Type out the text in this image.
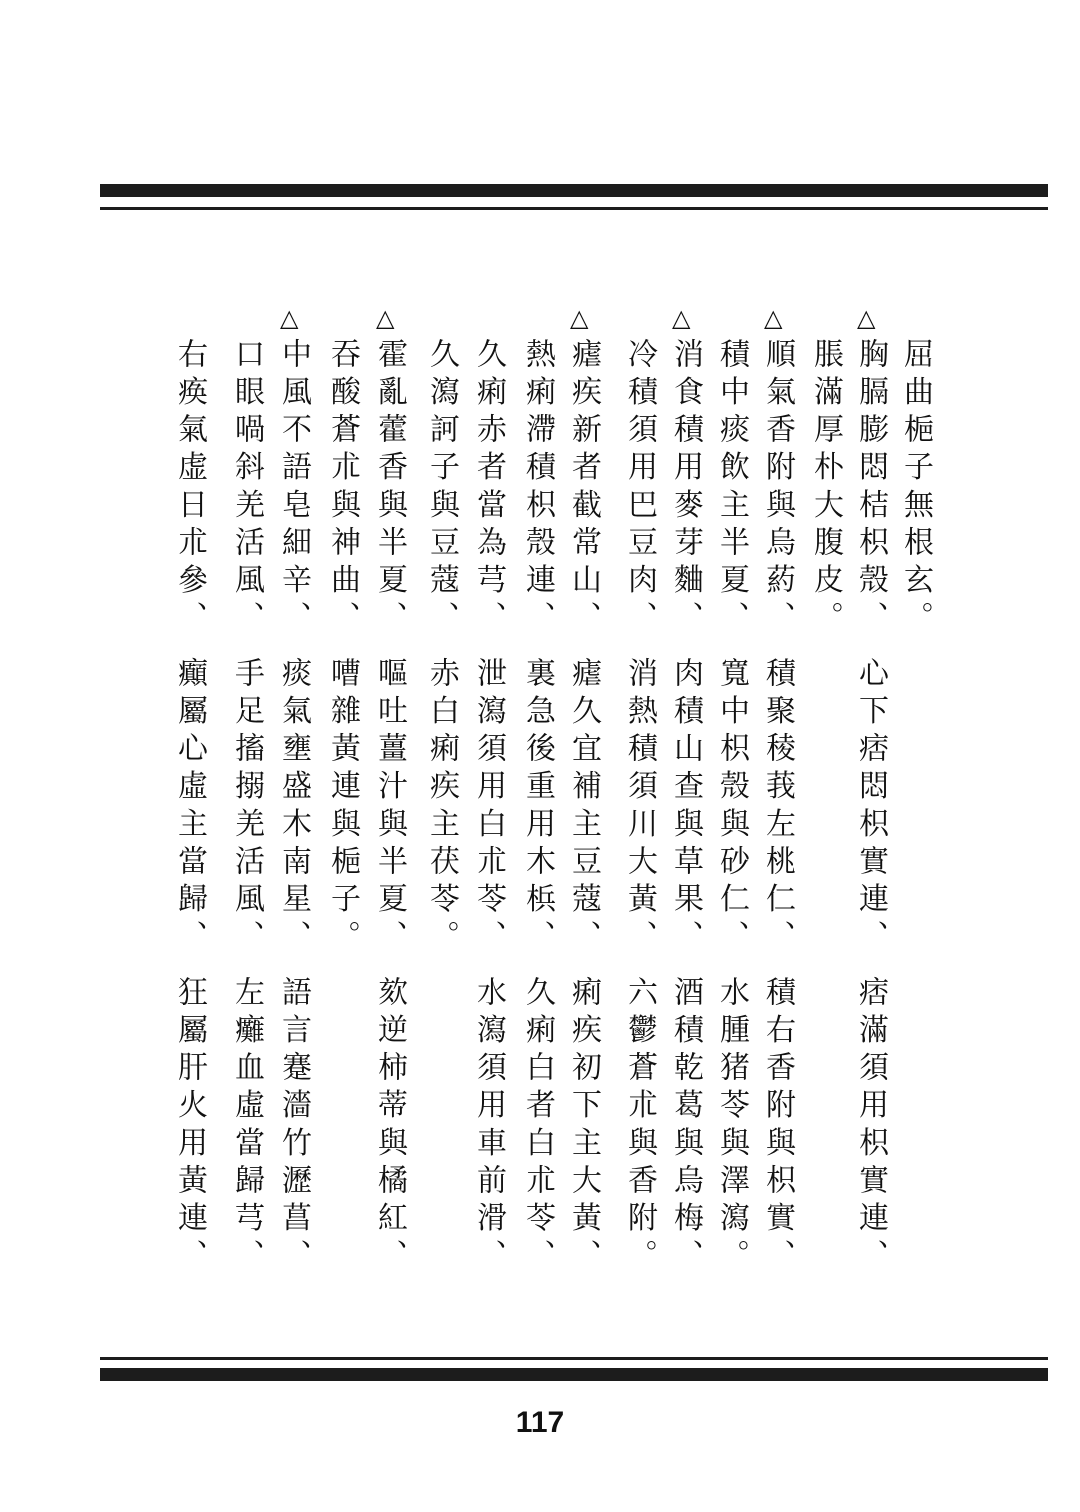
屈曲梔子無根玄。
△
胸膈膨悶桔枳殼、
脹滿厚朴大腹皮。
△
順氣香附與烏葯、
積中痰飲主半夏、
△
消食積用麥芽麯、
冷積須用巴豆肉、
△
瘧疾新者截常山、
熱痢滯積枳殼連、
久痢赤者當為芎、
久瀉訶子與豆蔻、
△
霍亂藿香與半夏、
吞酸蒼朮與神曲、
△
中風不語皂細辛、
口眼喎斜羌活風、
右痪氣虚日朮參、
心下痞悶枳實連、
積聚稜莪左桃仁、
寬中枳殼與砂仁、
肉積山查與草果、
消熱積須川大黃、
瘧久宜補主豆蔻、
裏急後重用木梹、
泄瀉須用白朮苓、
赤白痢疾主茯苓。
嘔吐薑汁與半夏、
嘈雜黃連與梔子。
痰氣壅盛木南星、
手足搐搦羌活風、
癲屬心虛主當歸、
痞滿須用枳實連、
積右香附與枳實、
水腫猪苓與澤瀉。
酒積乾葛與烏梅、
六鬱蒼朮與香附。
痢疾初下主大黃、
久痢白者白朮苓、
水瀉須用車前滑、
欬逆柿蒂與橘紅、
語言蹇濇竹瀝菖、
左癱血虛當歸芎、
狂屬肝火用黃連、
117
